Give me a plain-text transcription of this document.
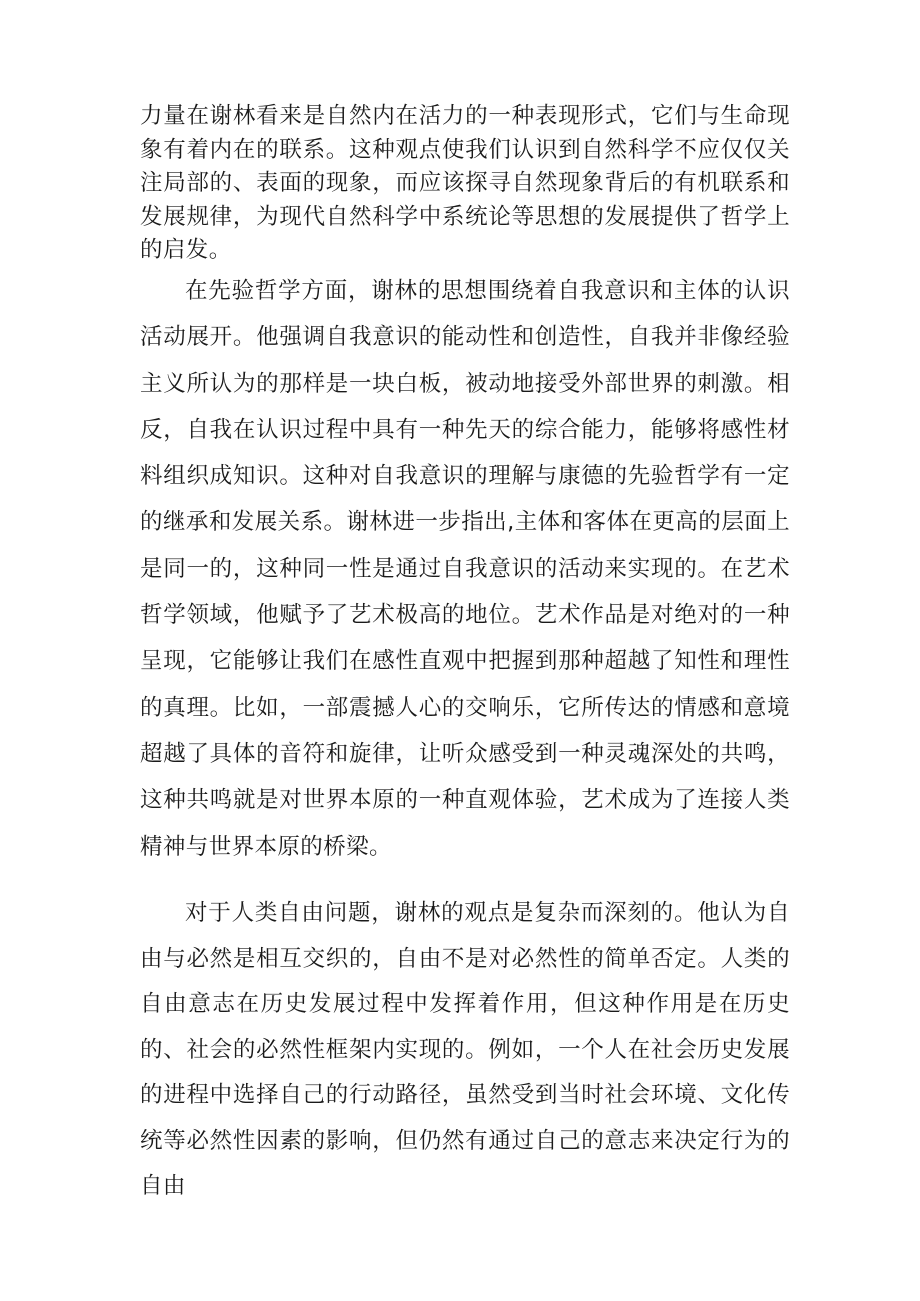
力量在谢林看来是自然内在活力的一种表现形式，它们与生命现象有着内在的联系。这种观点使我们认识到自然科学不应仅仅关注局部的、表面的现象，而应该探寻自然现象背后的有机联系和发展规律，为现代自然科学中系统论等思想的发展提供了哲学上的启发。
在先验哲学方面，谢林的思想围绕着自我意识和主体的认识活动展开。他强调自我意识的能动性和创造性，自我并非像经验主义所认为的那样是一块白板，被动地接受外部世界的刺激。相反，自我在认识过程中具有一种先天的综合能力，能够将感性材料组织成知识。这种对自我意识的理解与康德的先验哲学有一定的继承和发展关系。谢林进一步指出,主体和客体在更高的层面上是同一的，这种同一性是通过自我意识的活动来实现的。在艺术哲学领域，他赋予了艺术极高的地位。艺术作品是对绝对的一种呈现，它能够让我们在感性直观中把握到那种超越了知性和理性的真理。比如，一部震撼人心的交响乐，它所传达的情感和意境超越了具体的音符和旋律，让听众感受到一种灵魂深处的共鸣，这种共鸣就是对世界本原的一种直观体验，艺术成为了连接人类精神与世界本原的桥梁。
对于人类自由问题，谢林的观点是复杂而深刻的。他认为自由与必然是相互交织的，自由不是对必然性的简单否定。人类的自由意志在历史发展过程中发挥着作用，但这种作用是在历史的、社会的必然性框架内实现的。例如，一个人在社会历史发展的进程中选择自己的行动路径，虽然受到当时社会环境、文化传统等必然性因素的影响，但仍然有通过自己的意志来决定行为的自由
